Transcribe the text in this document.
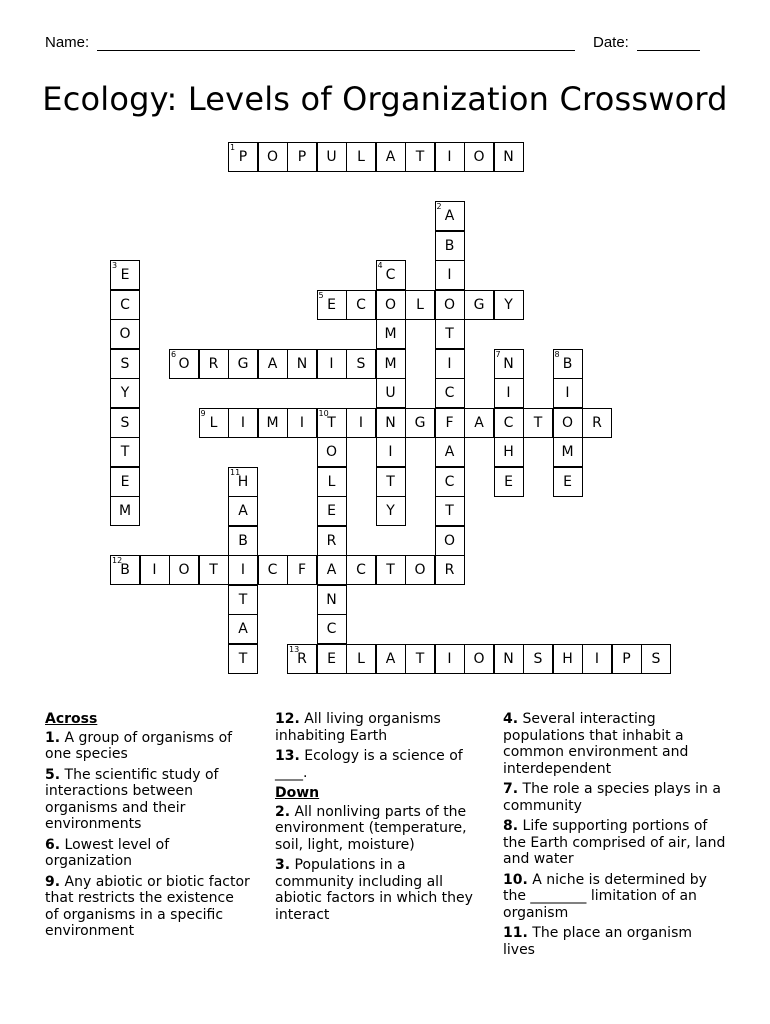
Name:	Date:
Ecology: Levels of Organization Crossword
1
P	O	P	U	L	A	T	I	O	N
5
E	C	O	L	O	G	Y
6
O	R	G	A	N	I	S	M
9
L	I	M	I
10
T	I	N	G	F	A	C	T	O	R
12
B	I	O	T	I	C	F	A	C	T	O	R
13
R	E	L	A	T	I	O	N	S	H	I	P	S
2
A
B
I
T
I
C
A
C
T
O
3
E
C
O
S
Y
S
T
E
M
4
C
M
U
I
T
Y
7
N
I
H
E
8
B
I
M
E
O
L
E
R
N
C
11
H
A
B
T
A
T
Across
1. A group of organisms of one species
5. The scientific study of interactions between organisms and their environments
6. Lowest level of organization
9. Any abiotic or biotic factor that restricts the existence of organisms in a specific environment
12. All living organisms inhabiting Earth
13. Ecology is a science of ____.
Down
2. All nonliving parts of the environment (temperature, soil, light, moisture)
3. Populations in a community including all abiotic factors in which they interact
4. Several interacting populations that inhabit a common environment and interdependent
7. The role a species plays in a community
8. Life supporting portions of the Earth comprised of air, land and water
10. A niche is determined by the ________ limitation of an organism
11. The place an organism lives
